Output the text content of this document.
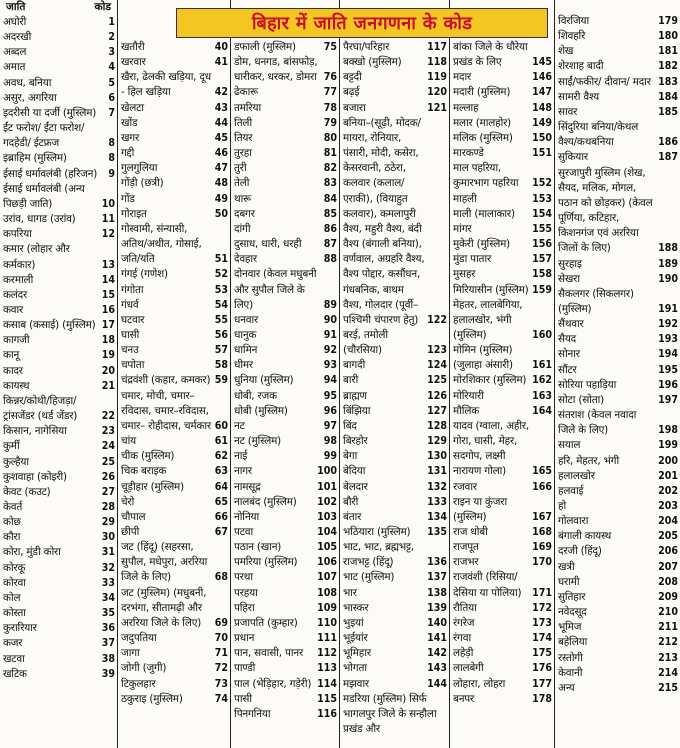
जाति	कोड
अघोरी	1
अदरखी	2
अब्दल	3
अमात	4
अवध, बनिया	5
असुर, अगरिया	6
इदरीसी या दर्जी (मुस्लिम)	7
ईंट फरोश/ ईंटा फरोश/ गदहेडी/ ईटफ्रज	8
इब्राहिम (मुस्लिम)	8
ईसाई धर्मावलंबी (हरिजन)	9
ईसाई धर्मावलंबी (अन्य पिछड़ी जाति)	10
उरांव, धागड (उरांव)	11
कपरिया	12
कमार (लोहार और कर्मकार)	13
करमाली	14
कलंदर	15
कवार	16
कसाब (कसाई) (मुस्लिम) 17
कागजी	18
कानू	19
कादर	20
कायस्थ	21
किन्नर/कोथी/हिजड़ा/ ट्रांसजेंडर (थर्ड जेंडर)	22
किसान, नागेसिया	23
कुर्मी	24
कुल्हैया	25
कुशवाहा (कोइरी)	26
केवट (कउट)	27
केवर्त	28
कोछ	29
कौरा	30
कोरा, मुंडी कोरा	31
कोरकू	32
कोरवा	33
कोल	34
कोस्ता	35
कुरारियार	36
कजर	37
खटवा	38
खटिक	39
खतौरी	40
खरवार	41
खैरा, ढेलकी खड़िया, दूध - हिल खड़िया	42
खेलटा	43
खोंड	44
खगर	45
गद्दी	46
गुलगुलिया	47
गोंड़ी (छत्री)	48
गोंड	49
गोराइत	50
गोस्वामी, संन्यासी, अतिथ/अथीत, गोसाई, जति/यति	51
गंगई (गणेश)	52
गंगोता	53
गंधर्व	54
घटवार	55
घासी	56
चनउ	57
चपोता	58
चंद्रवंशी (कहार, कमकर) 59
चमार, मोची, चमार–रविदास, चमार–रविदास, चमार– रोहीदास, चर्मकार 60
चांय	61
चीक (मुस्लिम)	62
चिक बराइक	63
चूड़ीहार (मुस्लिम)	64
चेरो	65
चौपाल	66
छीपी	67
जट (हिंदू) (सहरसा, सुपौल, मधेपुरा, अररिया जिले के लिए)	68
जट (मुस्लिम) (मधुबनी, दरभंगा, सीतामढ़ी और अररिया जिले के लिए)	69
जदुपतिया	70
जागा	71
जोगी (जुगी)	72
टिकुलहार	73
ठकुराइ (मुस्लिम)	74
डफाली (मुस्लिम)	75
डोम, धनगड, बांसफोड़, धारीकर, धरकर, डोमरा 76
ढेकारू	77
तमरिया	78
तिली	79
तियर	80
तुरहा	81
तुरी	82
तेली	83
थारू	84
दबगर	85
दांगी	86
दुसाध, धारी, धरही	87
देवहार	88
दोनवार (केवल मधुबनी और सुपौल जिले के लिए)	89
धनवार	90
धानुक	91
धामिन	92
धीमर	93
धुनिया (मुस्लिम)	94
धोबी, रजक	95
धोबी (मुस्लिम)	96
नट	97
नट (मुस्लिम)	98
नाई	99
नागर	100
नामसूद्र	101
नालबंद (मुस्लिम)	102
नोनिया	103
पटवा	104
पठान (खान)	105
पमरिया (मुस्लिम)	106
परथा	107
परहया	108
पहिरा	109
प्रजापति (कुम्हार)	110
प्रधान	111
पान, सवासी, पानर	112
पाण्डी	113
पाल (भेड़िहार, गड़ेरी) 114
पासी	115
पिनगनिया	116
पैरघा/परिहार	117
बक्खो (मुस्लिम)	118
बट्टदी	119
बढ़ई	120
बजारा	121
बनिया–(सूढ़ी, मोदक/मायरा, रोनियार, पंसारी, मोदी, कसेरा, केसरवानी, ठठेरा, कलवार (कलाल/एराकी), (वियाहुत कलवार), कमलापुरी वैश्य, महुरी वैश्य, बंदी वैश्य (बंगाली बनिया), वर्णवाल, अग्रहरि वैश्य, वैश्य पोद्दार, कसौंधन, गंधबनिक, बाथम वैश्य, गोलदार (पूर्वी–पश्चिमी चंपारण हेतु) 122
बरई, तमोली (चौरसिया)	123
बागदी	124
बारी	125
ब्राह्मण	126
बिंझिया	127
बिंद	128
बिरहोर	129
बेगा	130
बेदिया	131
बेलदार	132
बौरी	133
बंतार	134
भठियारा (मुस्लिम)	135
भाट, भाट, ब्रह्मभट्ट, राजभट्ट (हिंदू)	136
भाट (मुस्लिम)	137
भार	138
भास्कर	139
भुइयां	140
भूईयांर	141
भूमिहार	142
भोगता	143
मझवार	144
मडरिया (मुस्लिम) सिर्फ भागलपुर जिले के सन्हौला प्रखंड और
बांका जिले के धौरेया प्रखंड के लिए	145
मदार	146
मदारी (मुस्लिम)	147
मल्लाह	148
मलार (मालहोर)	149
मलिक (मुस्लिम)	150
मारकण्डे	151
माल पहरिया, कुमारभाग पहरिया	152
माहली	153
माली (मालाकार)	154
मांगर	155
मुकेरी (मुस्लिम)	156
मुंडा पातार	157
मुसहर	158
मिरियासीन (मुस्लिम) 159
मेहतर, लालबेगिया, हलालखोर, भंगी (मुस्लिम)	160
मोमिन (मुस्लिम) (जुलाहा अंसारी)	161
मोरशिकार (मुस्लिम) 162
मोरियारी	163
मौलिक	164
यादव (ग्वाला, अहीर, गोरा, घासी, मेहर, सदगोप, लक्ष्मी नारायण गोला)	165
रजवार	166
राइन या कुंजरा (मुस्लिम)	167
राज धोबी	168
राजपूत	169
राजभर	170
राजवंशी (रिसिया/देसिया या पोलिया)	171
रौतिया	172
रंगरेज	173
रंगवा	174
लहेड़ी	175
लालबेगी	176
लोहारा, लोहरा	177
बनपर	178
विरजिया	179
शिवहरि	180
शेख	181
शेरशाह बादी	182
साईं/फकीर/ दीवान/ मदार 183
सामरी वैश्य	184
सावर	185
सिंदुरिया बनिया/केथल वैश्य/कथबनिया	186
सुकियार	187
सुरजापुरी मुस्लिम (शेख, सैयद, मलिक, मोगल, पठान को छोड़कर) (केवल पूर्णिया, कटिहार, किशनगंज एवं अररिया जिलों के लिए)	188
सुरहाइ	189
सेखरा	190
सैकलगर (सिकलगर) (मुस्लिम)	191
सैंथवार	192
सैयद	193
सोनार	194
सौंटर	195
सोरिया पहाड़िया	196
सोटा (सोता)	197
संतराश (केवल नवादा जिले के लिए)	198
सयाल	199
हरि, मेहतर, भंगी	200
हलालखोर	201
हलवाई	202
हो	203
गोलवारा	204
बंगाली कायस्थ	205
दरजी (हिंदू)	206
खत्री	207
घरामी	208
सुतिहार	209
नवेदसूद	210
भूमिज	211
बहेलिया	212
रस्तोगी	213
केवानी	214
अन्य	215
बिहार में जाति जनगणना के कोड
